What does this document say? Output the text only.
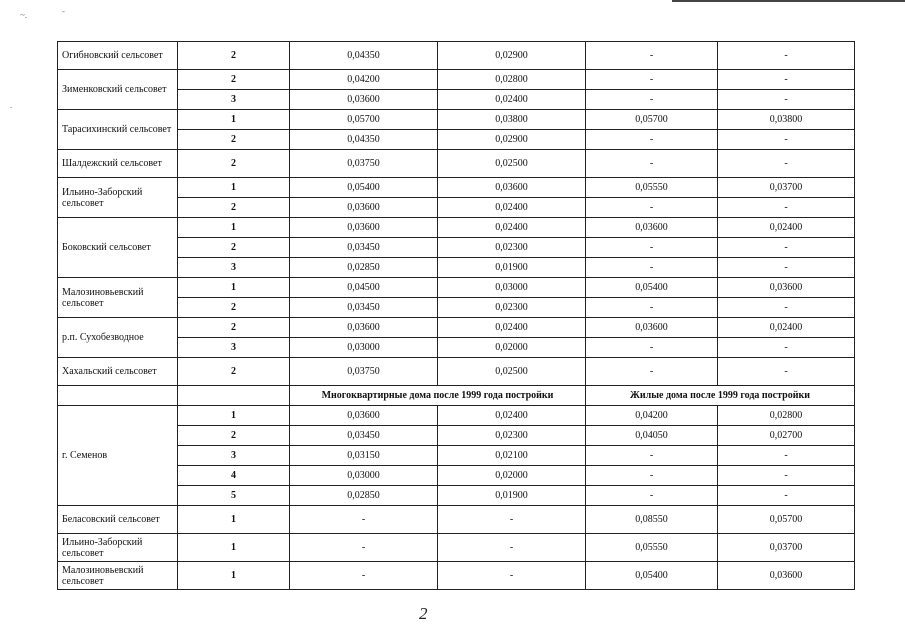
~.	-
.
Огибновский сельсовет	2	0,04350	0,02900	-	-
Зименковский сельсовет	2	0,04200	0,02800	-	-
	3	0,03600	0,02400	-	-
Тарасихинский сельсовет	1	0,05700	0,03800	0,05700	0,03800
	2	0,04350	0,02900	-	-
Шалдежский сельсовет	2	0,03750	0,02500	-	-
Ильино-Заборский сельсовет	1	0,05400	0,03600	0,05550	0,03700
	2	0,03600	0,02400	-	-
Боковский сельсовет	1	0,03600	0,02400	0,03600	0,02400
	2	0,03450	0,02300	-	-
	3	0,02850	0,01900	-	-
Малозиновьевский сельсовет	1	0,04500	0,03000	0,05400	0,03600
	2	0,03450	0,02300	-	-
р.п. Сухобезводное	2	0,03600	0,02400	0,03600	0,02400
	3	0,03000	0,02000	-	-
Хахальский сельсовет	2	0,03750	0,02500	-	-
		Многоквартирные дома после 1999 года постройки		Жилые дома после 1999 года постройки	
г. Семенов	1	0,03600	0,02400	0,04200	0,02800
	2	0,03450	0,02300	0,04050	0,02700
	3	0,03150	0,02100	-	-
	4	0,03000	0,02000	-	-
	5	0,02850	0,01900	-	-
Беласовский сельсовет	1	-	-	0,08550	0,05700
Ильино-Заборский сельсовет	1	-	-	0,05550	0,03700
Малозиновьевский сельсовет	1	-	-	0,05400	0,03600
2
